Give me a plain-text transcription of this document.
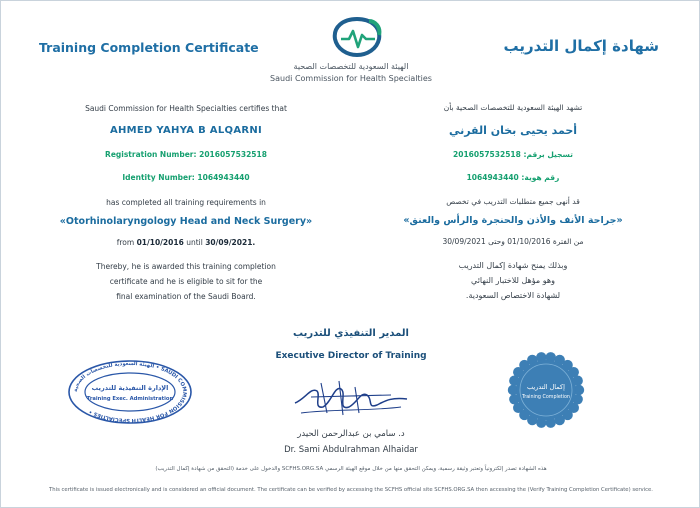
Training Completion Certificate	شهادة إكمال التدريب
الهيئة السعودية للتخصصات الصحية
Saudi Commission for Health Specialties
Saudi Commission for Health Specialties certifies that
AHMED YAHYA B ALQARNI
Registration Number: 2016057532518
Identity Number: 1064943440
has completed all training requirements in
«Otorhinolaryngology Head and Neck Surgery»
from 01/10/2016 until 30/09/2021.
Thereby, he is awarded this training completion
certificate and he is eligible to sit for the
final examination of the Saudi Board.
تشهد الهيئة السعودية للتخصصات الصحية بأن
أحمد يحيى بخان القرني
تسجيل برقم: 2016057532518
رقم هوية: 1064943440
قد أنهى جميع متطلبات التدريب في تخصص
«جراحة الأنف والأذن والحنجرة والرأس والعنق»
من الفترة 01/10/2016 وحتى 30/09/2021
وبذلك يمنح شهادة إكمال التدريب
وهو مؤهل للاختبار النهائي
لشهادة الاختصاص السعودية.
المدير التنفيذي للتدريب
Executive Director of Training
د. سامي بن عبدالرحمن الحيدر
Dr. Sami Abdulrahman Alhaidar
الهيئة السعودية للتخصصات الصحية • SAUDI COMMISSION FOR HEALTH SPECIALTIES •
الإدارة التنفيذية للتدريب
Training Exec. Administration
إكمال التدريب
Training Completion
هذه الشهادة تصدر إلكترونياً وتعتبر وثيقة رسمية، ويمكن التحقق منها من خلال موقع الهيئة الرسمي SCFHS.ORG.SA والدخول على خدمة (التحقق من شهادة إكمال التدريب)
This certificate is issued electronically and is considered an official document. The certificate can be verified by accessing the SCFHS official site SCFHS.ORG.SA then accessing the (Verify Training Completion Certificate) service.
